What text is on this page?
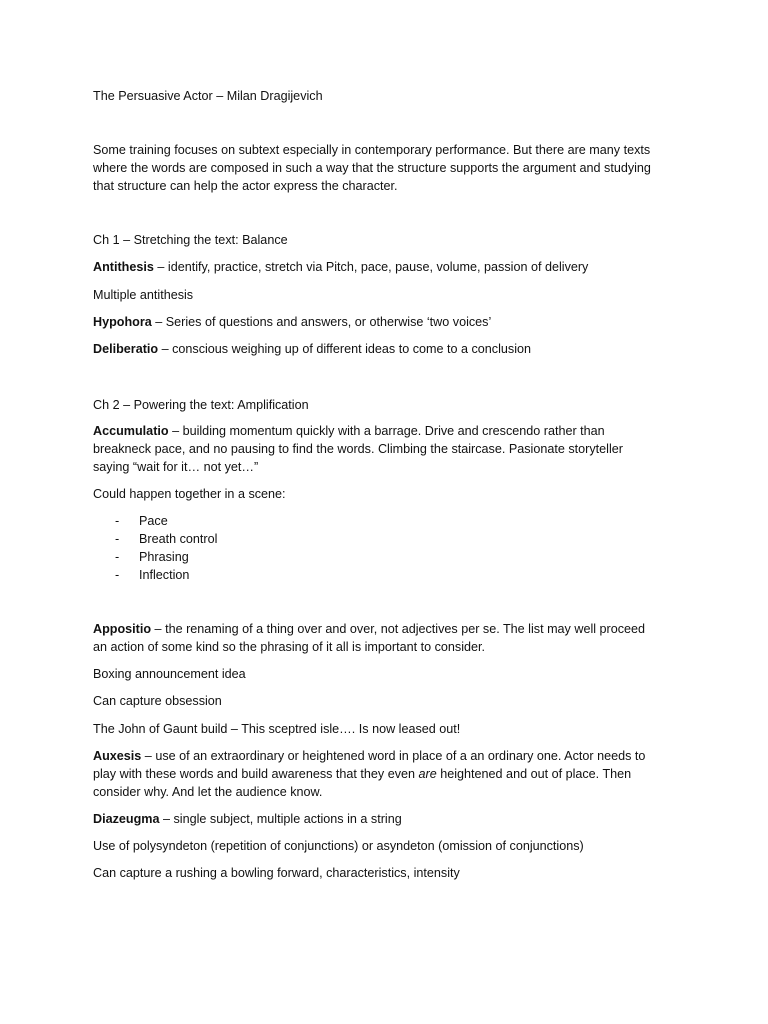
The Persuasive Actor – Milan Dragijevich

Some training focuses on subtext especially in contemporary performance. But there are many texts
where the words are composed in such a way that the structure supports the argument and studying
that structure can help the actor express the character.

Ch 1 – Stretching the text: Balance

Antithesis – identify, practice, stretch via Pitch, pace, pause, volume, passion of delivery

Multiple antithesis

Hypohora – Series of questions and answers, or otherwise ‘two voices’

Deliberatio – conscious weighing up of different ideas to come to a conclusion

Ch 2 – Powering the text: Amplification

Accumulatio – building momentum quickly with a barrage. Drive and crescendo rather than
breakneck pace, and no pausing to find the words. Climbing the staircase. Pasionate storyteller
saying “wait for it… not yet…”

Could happen together in a scene:

- Pace
- Breath control
- Phrasing
- Inflection
Appositio – the renaming of a thing over and over, not adjectives per se. The list may well proceed
an action of some kind so the phrasing of it all is important to consider.

Boxing announcement idea

Can capture obsession

The John of Gaunt build – This sceptred isle…. Is now leased out!

Auxesis – use of an extraordinary or heightened word in place of a an ordinary one. Actor needs to
play with these words and build awareness that they even are heightened and out of place. Then
consider why. And let the audience know.

Diazeugma – single subject, multiple actions in a string

Use of polysyndeton (repetition of conjunctions) or asyndeton (omission of conjunctions)

Can capture a rushing a bowling forward, characteristics, intensity
